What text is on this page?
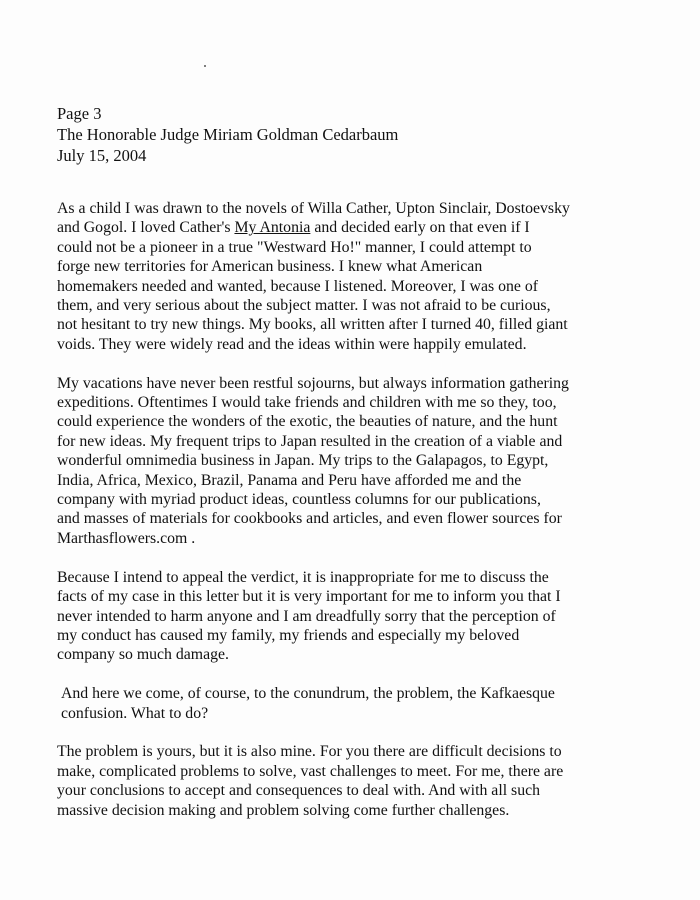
Page 3
The Honorable Judge Miriam Goldman Cedarbaum
July 15, 2004

As a child I was drawn to the novels of Willa Cather, Upton Sinclair, Dostoevsky
and Gogol. I loved Cather's My Antonia and decided early on that even if I
could not be a pioneer in a true "Westward Ho!" manner, I could attempt to
forge new territories for American business. I knew what American
homemakers needed and wanted, because I listened. Moreover, I was one of
them, and very serious about the subject matter. I was not afraid to be curious,
not hesitant to try new things. My books, all written after I turned 40, filled giant
voids. They were widely read and the ideas within were happily emulated.

My vacations have never been restful sojourns, but always information gathering
expeditions. Oftentimes I would take friends and children with me so they, too,
could experience the wonders of the exotic, the beauties of nature, and the hunt
for new ideas. My frequent trips to Japan resulted in the creation of a viable and
wonderful omnimedia business in Japan. My trips to the Galapagos, to Egypt,
India, Africa, Mexico, Brazil, Panama and Peru have afforded me and the
company with myriad product ideas, countless columns for our publications,
and masses of materials for cookbooks and articles, and even flower sources for
Marthasflowers.com .

Because I intend to appeal the verdict, it is inappropriate for me to discuss the
facts of my case in this letter but it is very important for me to inform you that I
never intended to harm anyone and I am dreadfully sorry that the perception of
my conduct has caused my family, my friends and especially my beloved
company so much damage.

And here we come, of course, to the conundrum, the problem, the Kafkaesque
confusion. What to do?

The problem is yours, but it is also mine. For you there are difficult decisions to
make, complicated problems to solve, vast challenges to meet. For me, there are
your conclusions to accept and consequences to deal with. And with all such
massive decision making and problem solving come further challenges.
